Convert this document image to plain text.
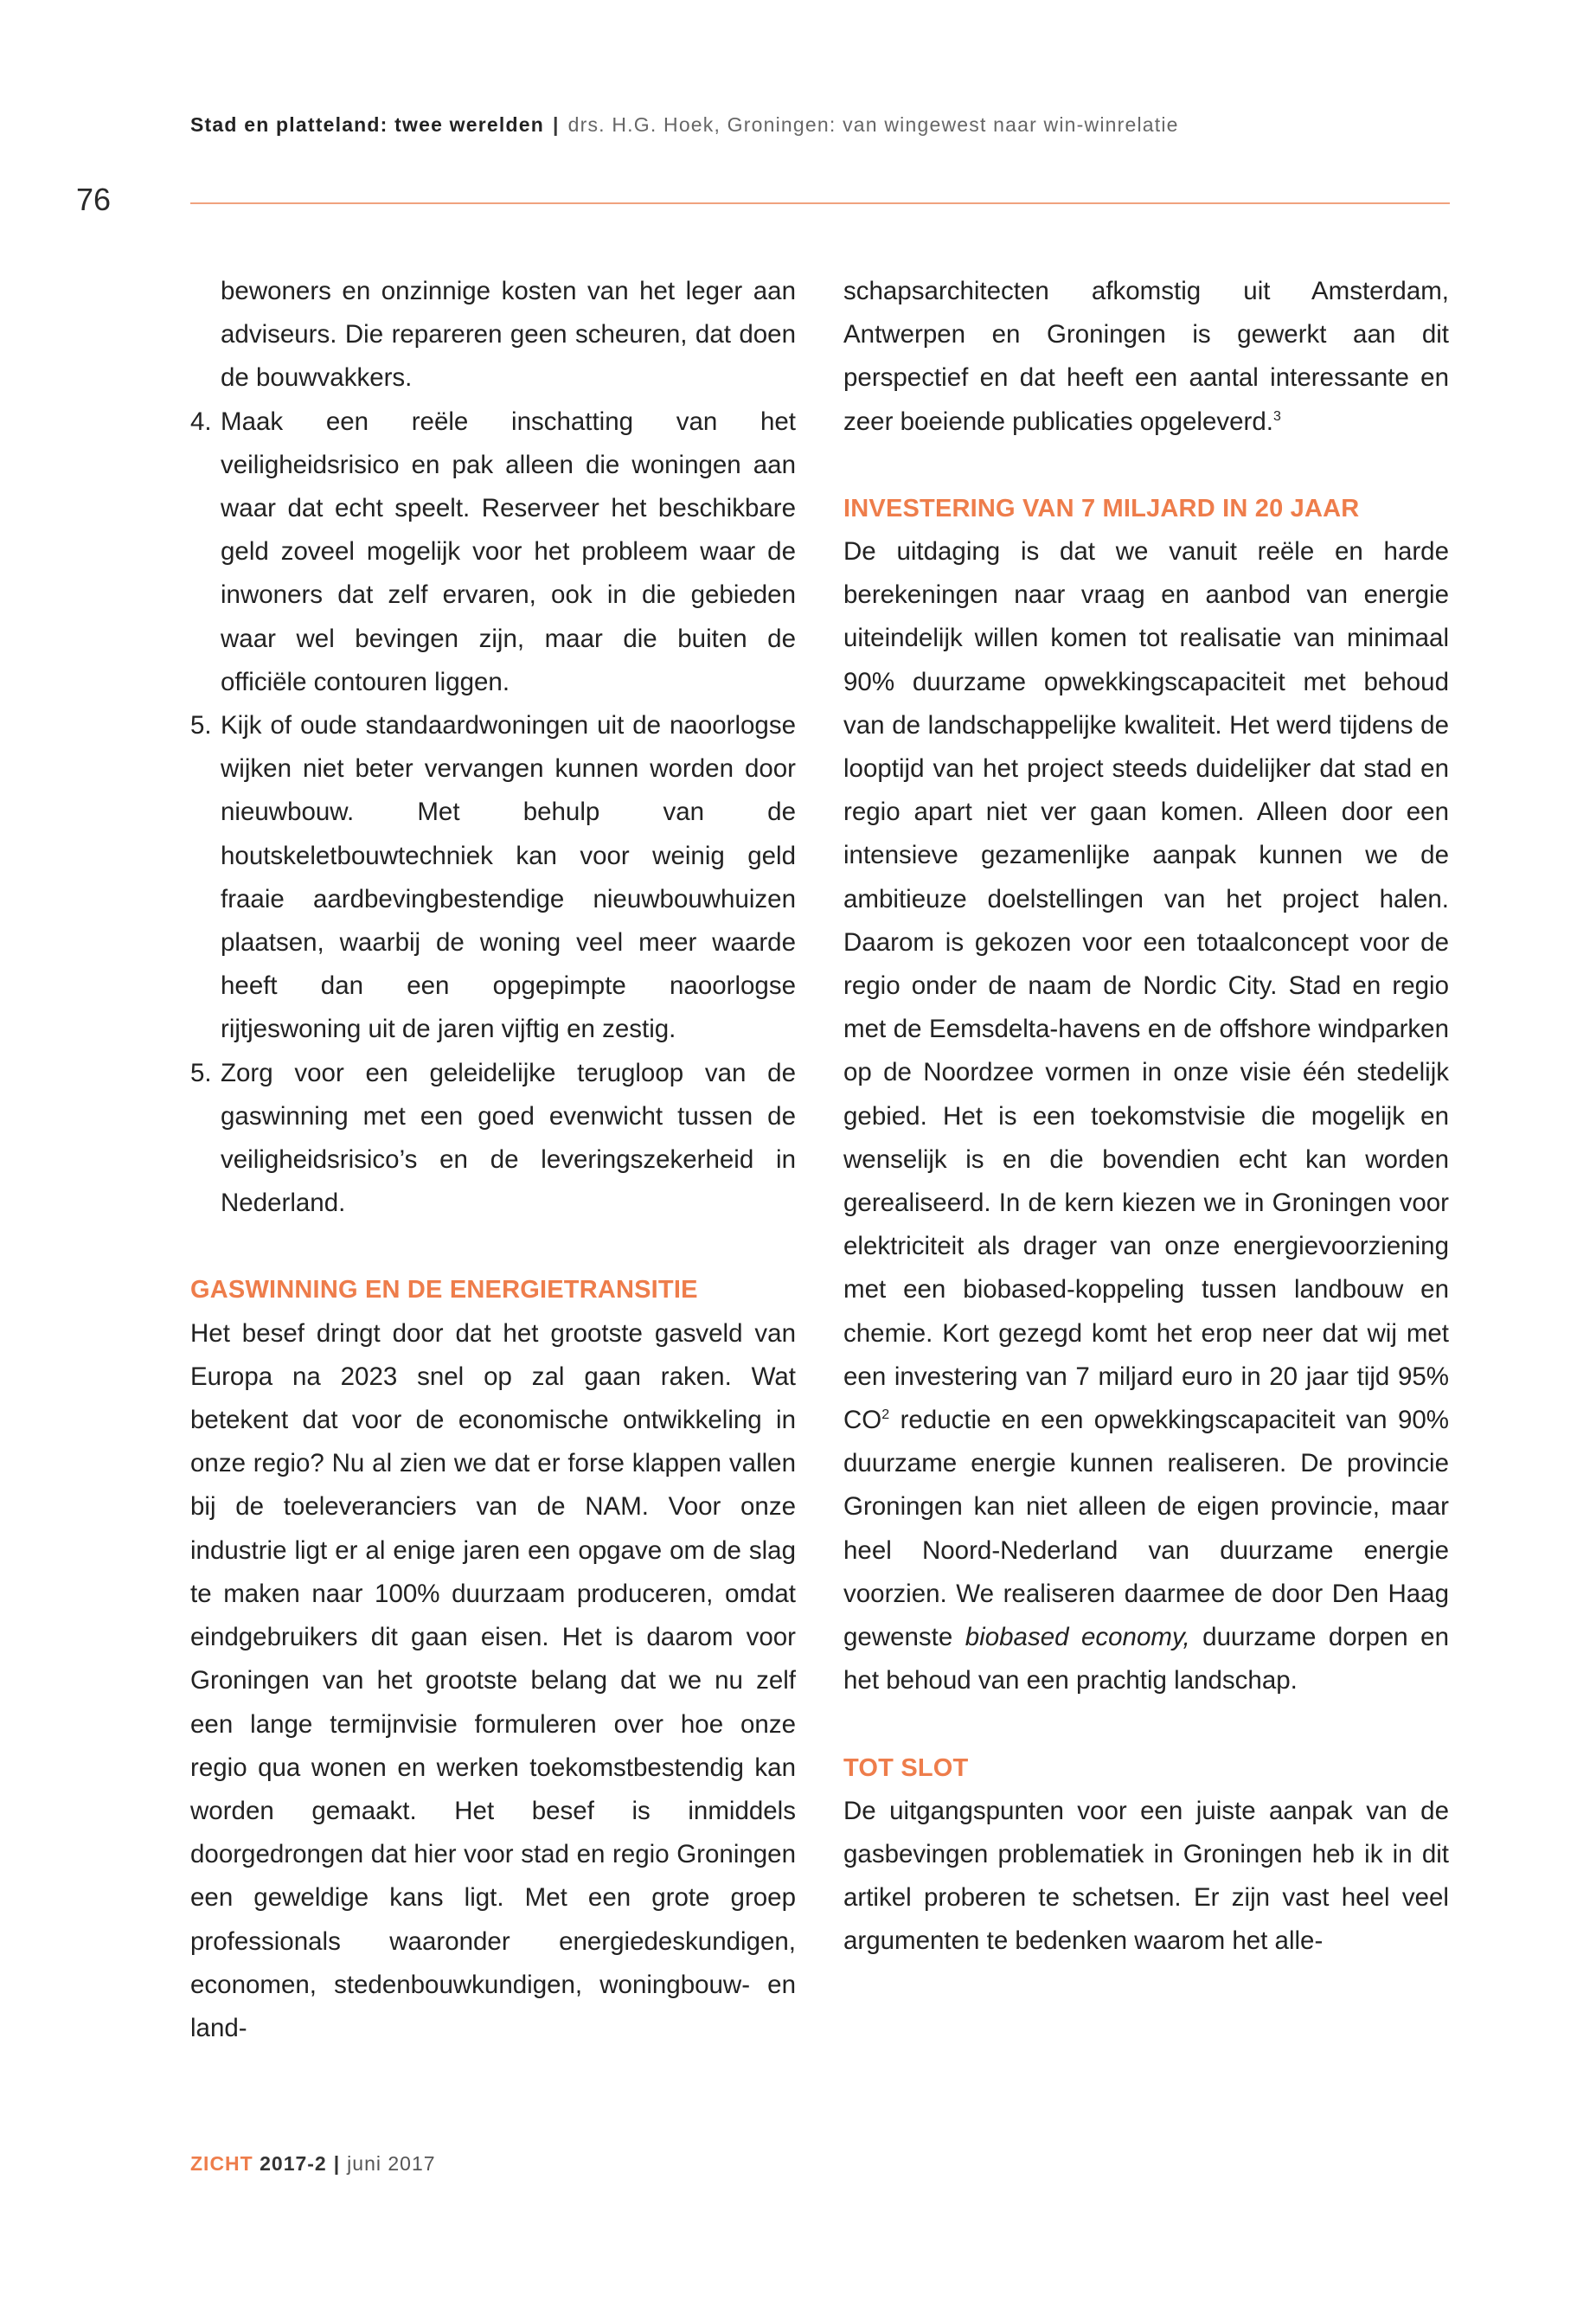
Stad en platteland: twee werelden | drs. H.G. Hoek, Groningen: van wingewest naar win-winrelatie
76

bewoners en onzinnige kosten van het leger aan adviseurs. Die repareren geen scheuren, dat doen de bouwvakkers.

4. Maak een reële inschatting van het veiligheidsrisico en pak alleen die woningen aan waar dat echt speelt. Reserveer het beschikbare geld zoveel mogelijk voor het probleem waar de inwoners dat zelf ervaren, ook in die gebieden waar wel bevingen zijn, maar die buiten de officiële contouren liggen.
5. Kijk of oude standaardwoningen uit de naoorlogse wijken niet beter vervangen kunnen worden door nieuwbouw. Met behulp van de houtskeletbouwtechniek kan voor weinig geld fraaie aardbevingbestendige nieuwbouwhuizen plaatsen, waarbij de woning veel meer waarde heeft dan een opgepimpte naoorlogse rijtjeswoning uit de jaren vijftig en zestig.
5. Zorg voor een geleidelijke terugloop van de gaswinning met een goed evenwicht tussen de veiligheidsrisico’s en de leveringszekerheid in Nederland.
GASWINNING EN DE ENERGIETRANSITIE

Het besef dringt door dat het grootste gasveld van Europa na 2023 snel op zal gaan raken. Wat betekent dat voor de economische ontwikkeling in onze regio? Nu al zien we dat er forse klappen vallen bij de toeleveranciers van de NAM. Voor onze industrie ligt er al enige jaren een opgave om de slag te maken naar 100% duurzaam produceren, omdat eindgebruikers dit gaan eisen. Het is daarom voor Groningen van het grootste belang dat we nu zelf een lange termijnvisie formuleren over hoe onze regio qua wonen en werken toekomstbestendig kan worden gemaakt. Het besef is inmiddels doorgedrongen dat hier voor stad en regio Groningen een geweldige kans ligt. Met een grote groep professionals waaronder energiedeskundigen, economen, stedenbouwkundigen, woningbouw- en land-

schapsarchitecten afkomstig uit Amsterdam, Antwerpen en Groningen is gewerkt aan dit perspectief en dat heeft een aantal interessante en zeer boeiende publicaties opgeleverd.$^3$

INVESTERING VAN 7 MILJARD IN 20 JAAR

De uitdaging is dat we vanuit reële en harde berekeningen naar vraag en aanbod van energie uiteindelijk willen komen tot realisatie van minimaal 90% duurzame opwekkingscapaciteit met behoud van de landschappelijke kwaliteit. Het werd tijdens de looptijd van het project steeds duidelijker dat stad en regio apart niet ver gaan komen. Alleen door een intensieve gezamenlijke aanpak kunnen we de ambitieuze doelstellingen van het project halen. Daarom is gekozen voor een totaalconcept voor de regio onder de naam de Nordic City. Stad en regio met de Eemsdelta-havens en de offshore windparken op de Noordzee vormen in onze visie één stedelijk gebied. Het is een toekomstvisie die mogelijk en wenselijk is en die bovendien echt kan worden gerealiseerd. In de kern kiezen we in Groningen voor elektriciteit als drager van onze energievoorziening met een biobased-koppeling tussen landbouw en chemie. Kort gezegd komt het erop neer dat wij met een investering van 7 miljard euro in 20 jaar tijd 95% $CO^2$ reductie en een opwekkingscapaciteit van 90% duurzame energie kunnen realiseren. De provincie Groningen kan niet alleen de eigen provincie, maar heel Noord-Nederland van duurzame energie voorzien. We realiseren daarmee de door Den Haag gewenste biobased economy, duurzame dorpen en het behoud van een prachtig landschap.

TOT SLOT

De uitgangspunten voor een juiste aanpak van de gasbevingen problematiek in Groningen heb ik in dit artikel proberen te schetsen. Er zijn vast heel veel argumenten te bedenken waarom het alle-

ZICHT 2017-2 | juni 2017
